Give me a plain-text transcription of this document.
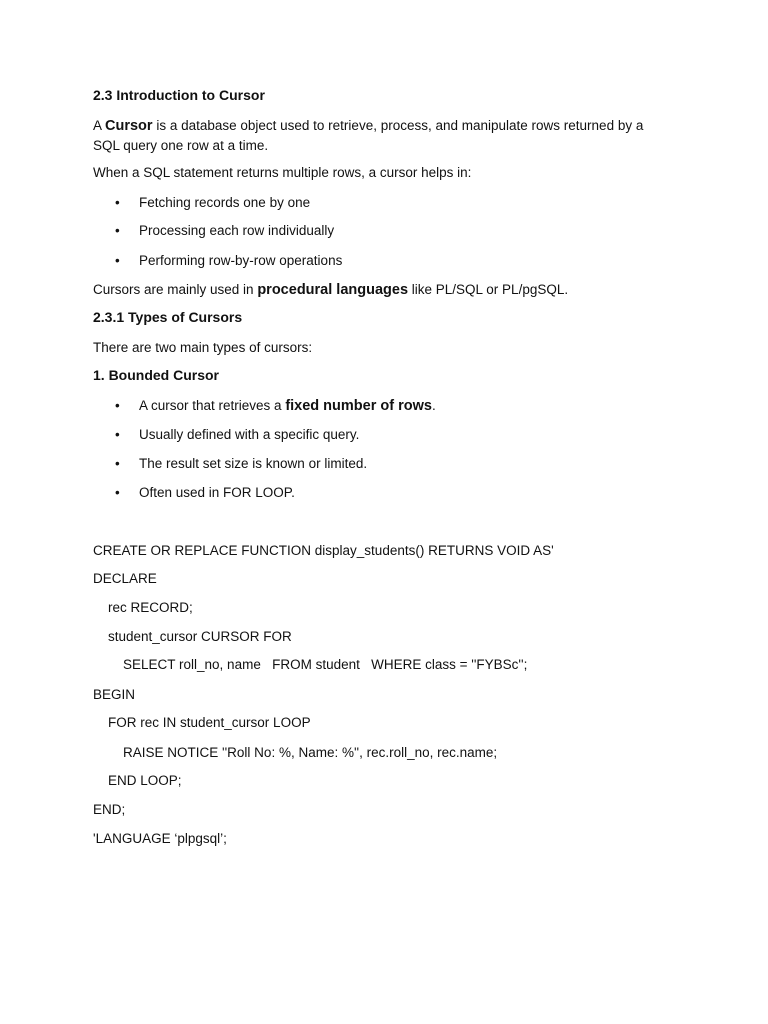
2.3 Introduction to Cursor

A Cursor is a database object used to retrieve, process, and manipulate rows returned by a SQL query one row at a time.

When a SQL statement returns multiple rows, a cursor helps in:

• Fetching records one by one
• Processing each row individually
• Performing row-by-row operations

Cursors are mainly used in procedural languages like PL/SQL or PL/pgSQL.

2.3.1 Types of Cursors

There are two main types of cursors:

1. Bounded Cursor

• A cursor that retrieves a fixed number of rows.
• Usually defined with a specific query.
• The result set size is known or limited.
• Often used in FOR LOOP.
CREATE OR REPLACE FUNCTION display_students() RETURNS VOID AS'
DECLARE
rec RECORD;
student_cursor CURSOR FOR
SELECT roll_no, name   FROM student   WHERE class = ''FYBSc'';
BEGIN
FOR rec IN student_cursor LOOP
RAISE NOTICE ''Roll No: %, Name: %'', rec.roll_no, rec.name;
END LOOP;
END;
'LANGUAGE ‘plpgsql’;
